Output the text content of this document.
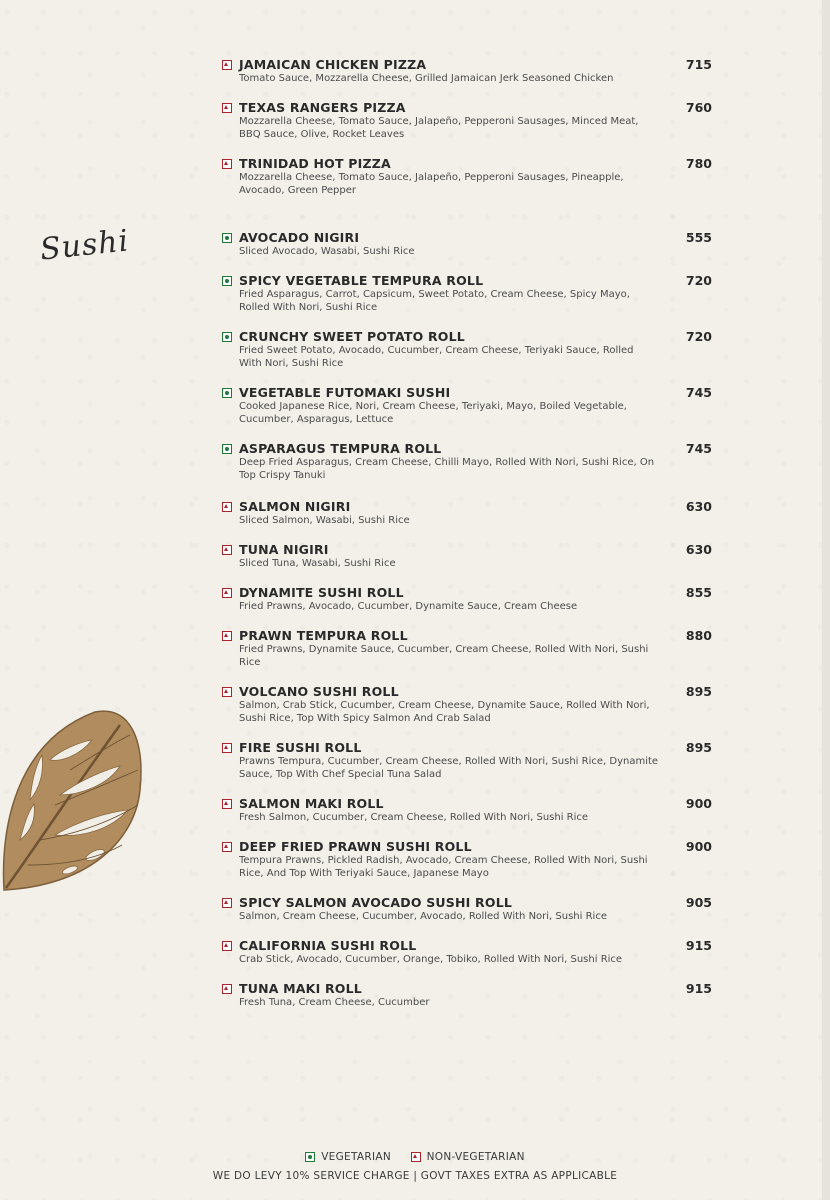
Sushi
JAMAICAN CHICKEN PIZZA	715
Tomato Sauce, Mozzarella Cheese, Grilled Jamaican Jerk Seasoned Chicken
TEXAS RANGERS PIZZA	760
Mozzarella Cheese, Tomato Sauce, Jalapeño, Pepperoni Sausages, Minced Meat, BBQ Sauce, Olive, Rocket Leaves
TRINIDAD HOT PIZZA	780
Mozzarella Cheese, Tomato Sauce, Jalapeño, Pepperoni Sausages, Pineapple, Avocado, Green Pepper
AVOCADO NIGIRI	555
Sliced Avocado, Wasabi, Sushi Rice
SPICY VEGETABLE TEMPURA ROLL	720
Fried Asparagus, Carrot, Capsicum, Sweet Potato, Cream Cheese, Spicy Mayo, Rolled With Nori, Sushi Rice
CRUNCHY SWEET POTATO ROLL	720
Fried Sweet Potato, Avocado, Cucumber, Cream Cheese, Teriyaki Sauce, Rolled With Nori, Sushi Rice
VEGETABLE FUTOMAKI SUSHI	745
Cooked Japanese Rice, Nori, Cream Cheese, Teriyaki, Mayo, Boiled Vegetable, Cucumber, Asparagus, Lettuce
ASPARAGUS TEMPURA ROLL	745
Deep Fried Asparagus, Cream Cheese, Chilli Mayo, Rolled With Nori, Sushi Rice, On Top Crispy Tanuki
SALMON NIGIRI	630
Sliced Salmon, Wasabi, Sushi Rice
TUNA NIGIRI	630
Sliced Tuna, Wasabi, Sushi Rice
DYNAMITE SUSHI ROLL	855
Fried Prawns, Avocado, Cucumber, Dynamite Sauce, Cream Cheese
PRAWN TEMPURA ROLL	880
Fried Prawns, Dynamite Sauce, Cucumber, Cream Cheese, Rolled With Nori, Sushi Rice
VOLCANO SUSHI ROLL	895
Salmon, Crab Stick, Cucumber, Cream Cheese, Dynamite Sauce, Rolled With Nori, Sushi Rice, Top With Spicy Salmon And Crab Salad
FIRE SUSHI ROLL	895
Prawns Tempura, Cucumber, Cream Cheese, Rolled With Nori, Sushi Rice, Dynamite Sauce, Top With Chef Special Tuna Salad
SALMON MAKI ROLL	900
Fresh Salmon, Cucumber, Cream Cheese, Rolled With Nori, Sushi Rice
DEEP FRIED PRAWN SUSHI ROLL	900
Tempura Prawns, Pickled Radish, Avocado, Cream Cheese, Rolled With Nori, Sushi Rice, And Top With Teriyaki Sauce, Japanese Mayo
SPICY SALMON AVOCADO SUSHI ROLL	905
Salmon, Cream Cheese, Cucumber, Avocado, Rolled With Nori, Sushi Rice
CALIFORNIA SUSHI ROLL	915
Crab Stick, Avocado, Cucumber, Orange, Tobiko, Rolled With Nori, Sushi Rice
TUNA MAKI ROLL	915
Fresh Tuna, Cream Cheese, Cucumber
VEGETARIAN	NON-VEGETARIAN
WE DO LEVY 10% SERVICE CHARGE | GOVT TAXES EXTRA AS APPLICABLE
